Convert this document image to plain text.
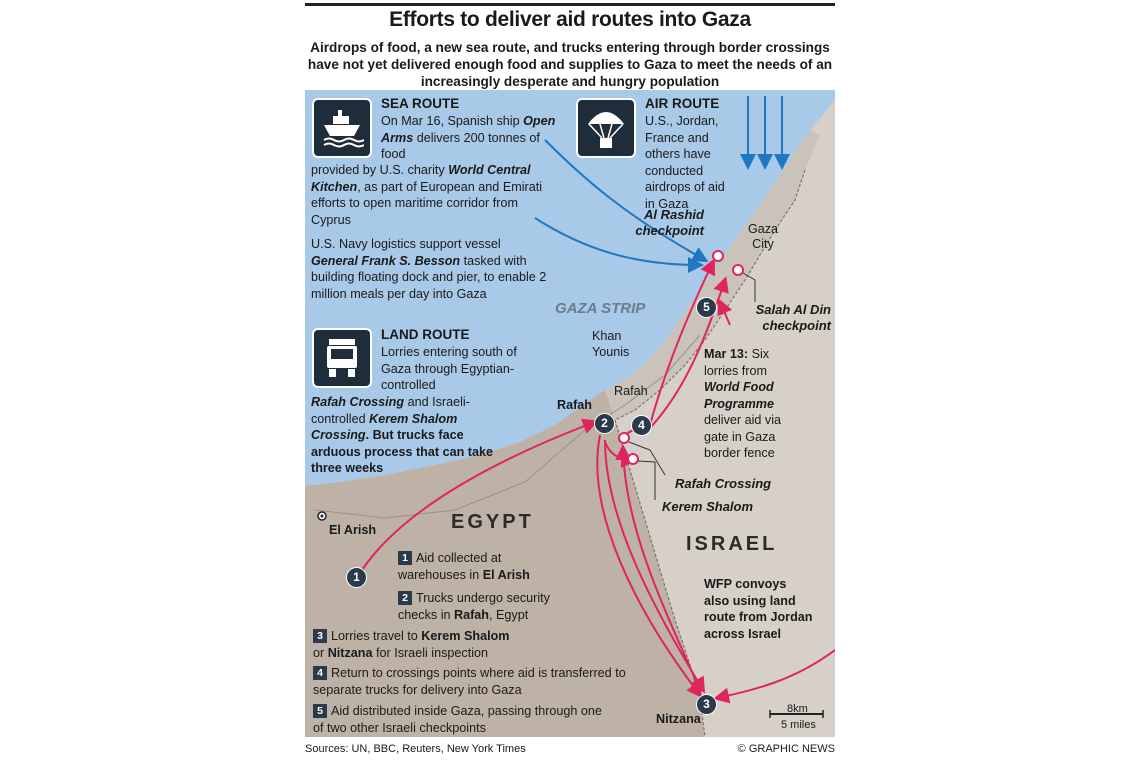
Efforts to deliver aid routes into Gaza
Airdrops of food, a new sea route, and trucks entering through border crossings have not yet delivered enough food and supplies to Gaza to meet the needs of an increasingly desperate and hungry population
SEA ROUTE
On Mar 16, Spanish ship Open Arms delivers 200 tonnes of food
provided by U.S. charity World Central Kitchen, as part of European and Emirati efforts to open maritime corridor from Cyprus
U.S. Navy logistics support vessel General Frank S. Besson tasked with building floating dock and pier, to enable 2 million meals per day into Gaza
AIR ROUTE
U.S., Jordan, France and others have conducted airdrops of aid in Gaza
LAND ROUTE
Lorries entering south of Gaza through Egyptian-controlled
Rafah Crossing and Israeli-controlled Kerem Shalom Crossing. But trucks face arduous process that can take three weeks
Gaza City
GAZA STRIP
Khan Younis
Rafah
Rafah
El Arish	EGYPT
ISRAEL
Nitzana
Al Rashid checkpoint
Salah Al Din checkpoint
Rafah Crossing
Kerem Shalom
Mar 13: Six lorries from World Food Programme deliver aid via gate in Gaza border fence
WFP convoys also using land route from Jordan across Israel
1
2
3
4
5
1 Aid collected at warehouses in El Arish
2 Trucks undergo security checks in Rafah, Egypt
3 Lorries travel to Kerem Shalom
or Nitzana for Israeli inspection
4 Return to crossings points where aid is transferred to separate trucks for delivery into Gaza
5 Aid distributed inside Gaza, passing through one of two other Israeli checkpoints
8km
5 miles
Sources: UN, BBC, Reuters, New York Times	© GRAPHIC NEWS
